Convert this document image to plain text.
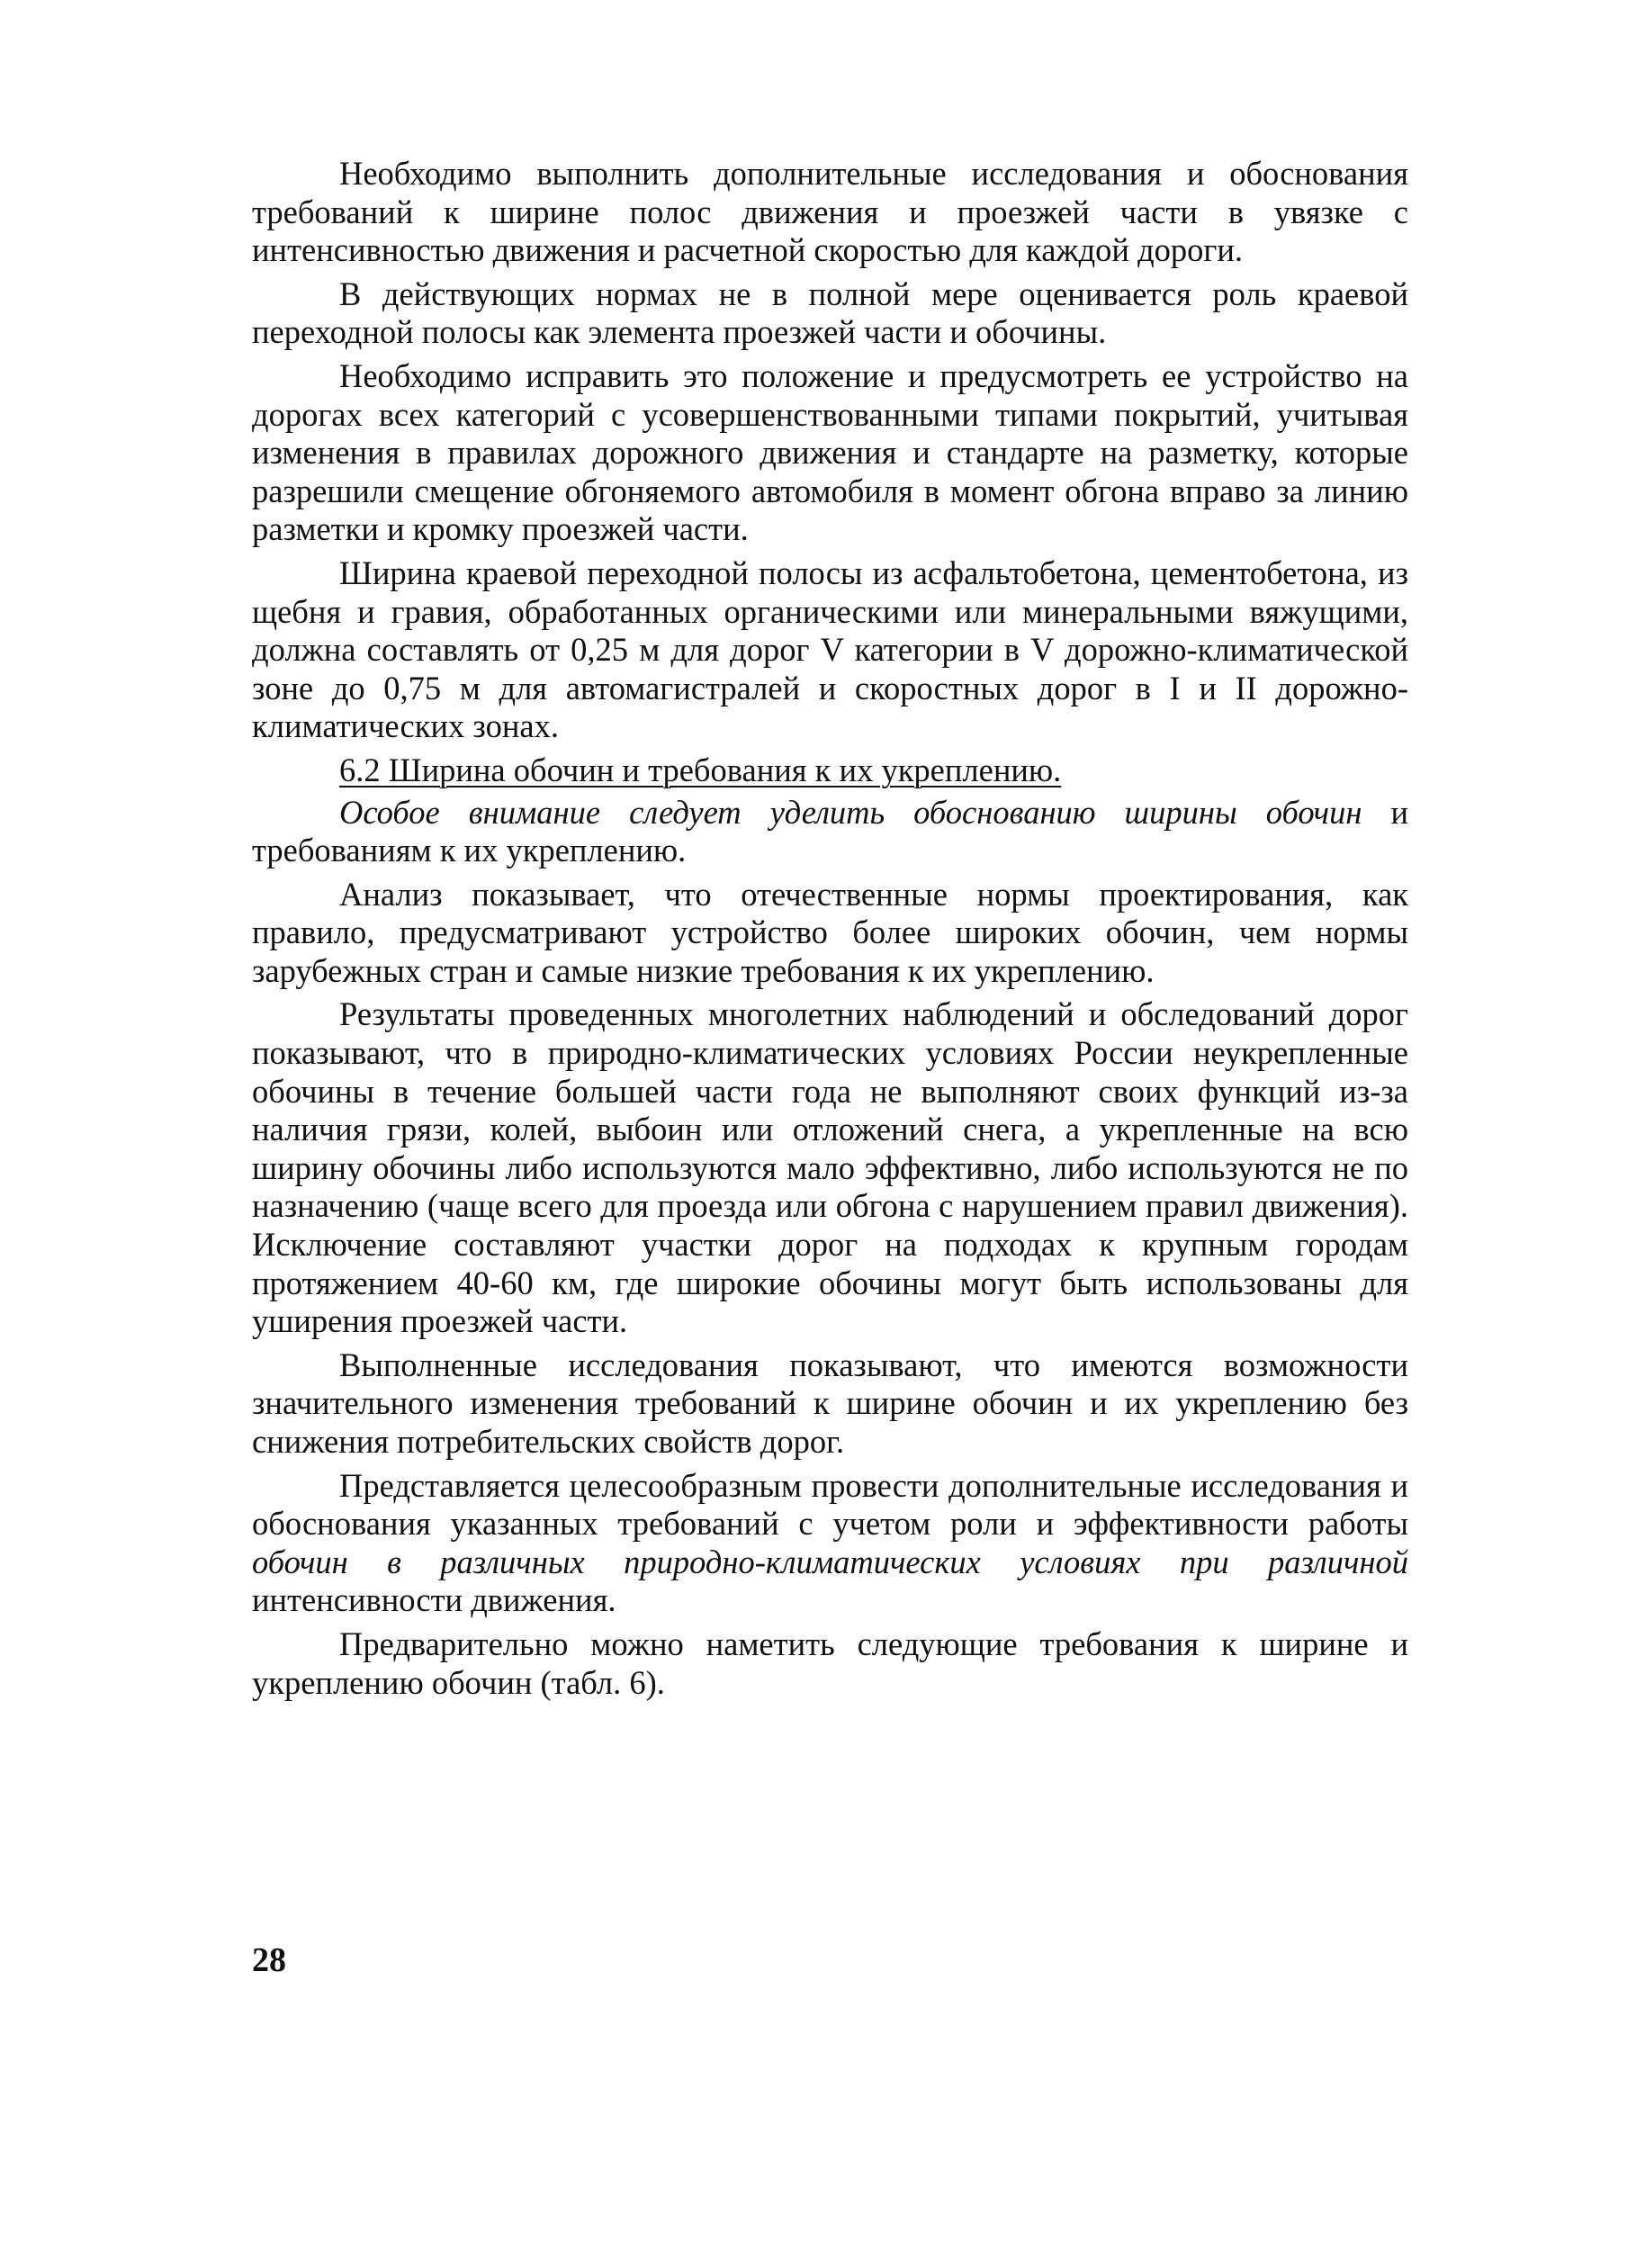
Необходимо выполнить дополнительные исследования и обоснования требований к ширине полос движения и проезжей части в увязке с интенсивностью движения и расчетной скоростью для каждой дороги.

В действующих нормах не в полной мере оценивается роль краевой переходной полосы как элемента проезжей части и обочины.

Необходимо исправить это положение и предусмотреть ее устройство на дорогах всех категорий с усовершенствованными типами покрытий, учитывая изменения в правилах дорожного движения и стандарте на разметку, которые разрешили смещение обгоняемого автомобиля в момент обгона вправо за линию разметки и кромку проезжей части.

Ширина краевой переходной полосы из асфальтобетона, цементобетона, из щебня и гравия, обработанных органическими или минеральными вяжущими, должна составлять от 0,25 м для дорог V категории в V дорожно-климатической зоне до 0,75 м для автомагистралей и скоростных дорог в I и II дорожно-климатических зонах.

6.2 Ширина обочин и требования к их укреплению.

Особое внимание следует уделить обоснованию ширины обочин и требованиям к их укреплению.

Анализ показывает, что отечественные нормы проектирования, как правило, предусматривают устройство более широких обочин, чем нормы зарубежных стран и самые низкие требования к их укреплению.

Результаты проведенных многолетних наблюдений и обследований дорог показывают, что в природно-климатических условиях России неукрепленные обочины в течение большей части года не выполняют своих функций из-за наличия грязи, колей, выбоин или отложений снега, а укрепленные на всю ширину обочины либо используются мало эффективно, либо используются не по назначению (чаще всего для проезда или обгона с нарушением правил движения). Исключение составляют участки дорог на подходах к крупным городам протяжением 40-60 км, где широкие обочины могут быть использованы для уширения проезжей части.

Выполненные исследования показывают, что имеются возможности значительного изменения требований к ширине обочин и их укреплению без снижения потребительских свойств дорог.

Представляется целесообразным провести дополнительные исследования и обоснования указанных требований с учетом роли и эффективности работы обочин в различных природно-климатических условиях при различной интенсивности движения.

Предварительно можно наметить следующие требования к ширине и укреплению обочин (табл. 6).

28
